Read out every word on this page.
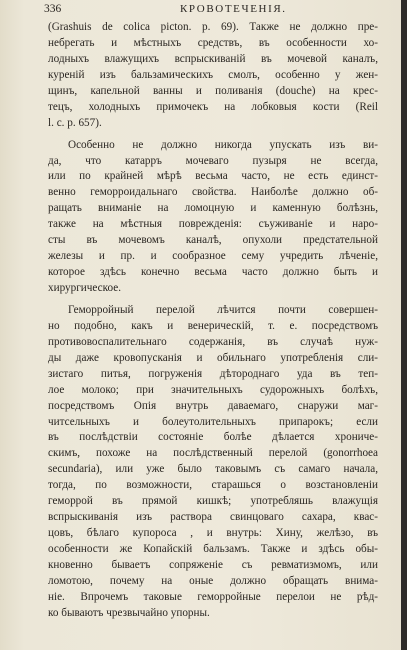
336	КРОВОТЕЧЕНІЯ.
(Grashuis de colica picton. p. 69). Также не должно пре-
небрегать и мѣстныхъ средствъ, въ особенности хо-
лодныхъ влажущихъ вспрыскиваній въ мочевой каналъ,
куреній изъ бальзамическихъ смолъ, особенно у жен-
щинъ, капельной ванны и поливанія (douche) на крес-
тецъ, холодныхъ примочекъ на лобковыя кости (Reil
l. c. p. 657).
Особенно не должно никогда упускать изъ ви-
да, что катарръ мочеваго пузыря не всегда,
или по крайней мѣрѣ весьма часто, не есть единст-
венно геморроидальнаго свойства. Наиболѣе должно об-
ращать вниманіе на ломоцную и каменную болѣзнь,
также на мѣстныя поврежденія: съуживаніе и наро-
сты въ мочевомъ каналѣ, опухоли предстательной
железы и пр. и сообразное сему учредить лѣченіе,
которое здѣсь конечно весьма часто должно быть и
хирургическое.
Геморройный перелой лѣчится почти совершен-
но подобно, какъ и венерическій, т. е. посредствомъ
противовоспалительнаго содержанія, въ случаѣ нуж-
ды даже кровопусканія и обильнаго употребленія сли-
зистаго питья, погруженія дѣтороднаго уда въ теп-
лое молоко; при значительныхъ судорожныхъ болѣхъ,
посредствомъ Опія внутрь даваемаго, снаружи маг-
читсельныхъ и болеутолительныхъ припарокъ; если
въ послѣдствіи состояніе болѣе дѣлается хрониче-
скимъ, похоже на послѣдственный перелой (gonorrhoea
secundaria), или уже было таковымъ съ самаго начала,
тогда, по возможности, старашься о возстановленіи
геморрой въ прямой кишкѣ; употребляшь влажущія
вспрыскиванія изъ раствора свинцоваго сахара, квас-
цовъ, бѣлаго купороса , и внутрь: Хину, желѣзо, въ
особенности же Копайскій бальзамъ. Также и здѣсь обы-
кновенно бываетъ сопряженіе съ ревматизмомъ, или
ломотою, почему на оные должно обращать внима-
ніе. Впрочемъ таковые геморройные перелои не рѣд-
ко бываютъ чрезвычайно упорны.
